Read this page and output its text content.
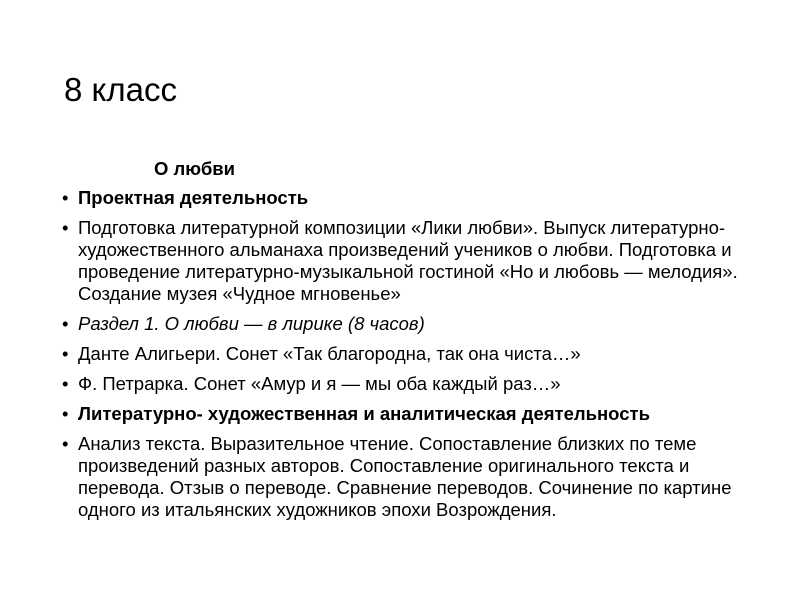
8 класс
О любви
• Проектная деятельность
• Подготовка литературной композиции «Лики любви». Выпуск литературно- художественного альманаха произведений учеников о любви. Подготовка и проведение литературно-музыкальной гостиной «Но и любовь — мелодия». Создание музея «Чудное мгновенье»
• Раздел 1. О любви — в лирике (8 часов)
• Данте Алигьери. Сонет «Так благородна, так она чиста…»
• Ф. Петрарка. Сонет «Амур и я — мы оба каждый раз…»
• Литературно- художественная и аналитическая деятельность
• Анализ текста. Выразительное чтение. Сопоставление близких по теме произведений разных авторов. Сопоставление оригинального текста и перевода. Отзыв о переводе. Сравнение переводов. Сочинение по картине одного из итальянских художников эпохи Возрождения.
